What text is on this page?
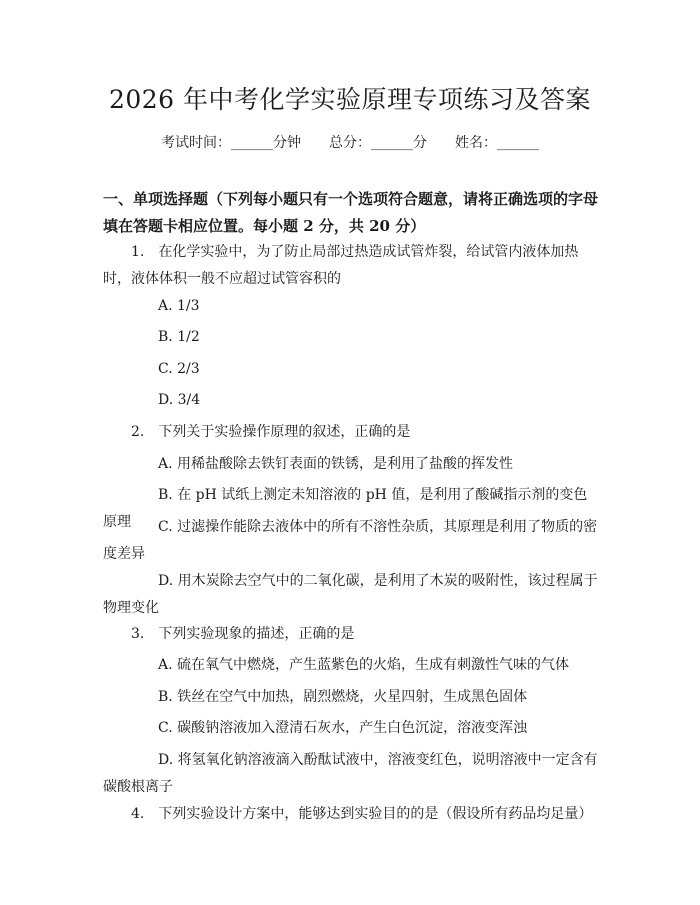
2026 年中考化学实验原理专项练习及答案
考试时间：______分钟 总分：______分 姓名：______
一、单项选择题（下列每小题只有一个选项符合题意，请将正确选项的字母填在答题卡相应位置。每小题 2 分，共 20 分）
1.　在化学实验中，为了防止局部过热造成试管炸裂，给试管内液体加热时，液体体积一般不应超过试管容积的
A. 1/3
B. 1/2
C. 2/3
D. 3/4
2.　下列关于实验操作原理的叙述，正确的是
A. 用稀盐酸除去铁钉表面的铁锈，是利用了盐酸的挥发性
B. 在 pH 试纸上测定未知溶液的 pH 值，是利用了酸碱指示剂的变色原理	C. 过滤操作能除去液体中的所有不溶性杂质，其原理是利用了物质的密度差异
D. 用木炭除去空气中的二氧化碳，是利用了木炭的吸附性，该过程属于物理变化
3.　下列实验现象的描述，正确的是
A. 硫在氧气中燃烧，产生蓝紫色的火焰，生成有刺激性气味的气体
B. 铁丝在空气中加热，剧烈燃烧，火星四射，生成黑色固体
C. 碳酸钠溶液加入澄清石灰水，产生白色沉淀，溶液变浑浊
D. 将氢氧化钠溶液滴入酚酞试液中，溶液变红色，说明溶液中一定含有碳酸根离子
4.　下列实验设计方案中，能够达到实验目的的是（假设所有药品均足量）
